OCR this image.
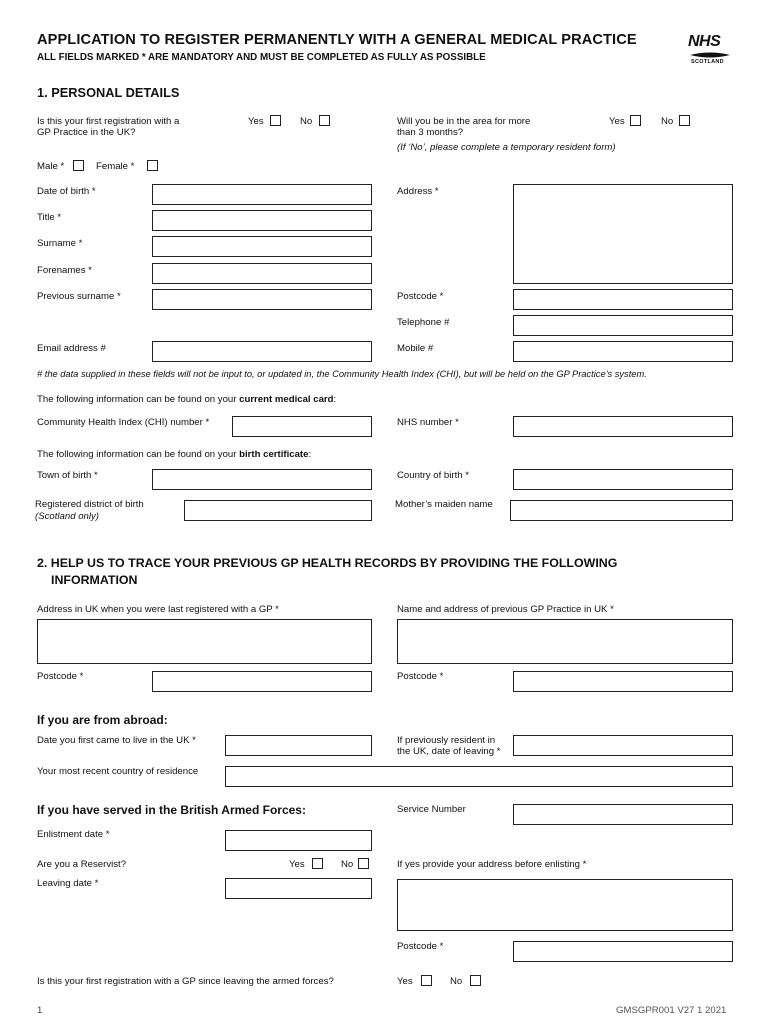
APPLICATION TO REGISTER PERMANENTLY WITH A GENERAL MEDICAL PRACTICE
ALL FIELDS MARKED * ARE MANDATORY AND MUST BE COMPLETED AS FULLY AS POSSIBLE
NHS
SCOTLAND
1. PERSONAL DETAILS
Is this your first registration with a
GP Practice in the UK?
Yes	No	Will you be in the area for more
than 3 months?
(If ‘No’, please complete a temporary resident form)
Yes	No
Male *	Female *
Date of birth *	Address *
Title *
Surname *
Forenames *
Previous surname *	Postcode *
Telephone #
Email address #	Mobile #
# the data supplied in these fields will not be input to, or updated in, the Community Health Index (CHI), but will be held on the GP Practice’s system.
The following information can be found on your current medical card:
Community Health Index (CHI) number *	NHS number *
The following information can be found on your birth certificate:
Town of birth *	Country of birth *
Registered district of birth
(Scotland only)
Mother’s maiden name
2. HELP US TO TRACE YOUR PREVIOUS GP HEALTH RECORDS BY PROVIDING THE FOLLOWING
INFORMATION
Address in UK when you were last registered with a GP *	Name and address of previous GP Practice in UK *
Postcode *	Postcode *
If you are from abroad:
Date you first came to live in the UK *	If previously resident in
the UK, date of leaving *
Your most recent country of residence
If you have served in the British Armed Forces:	Service Number
Enlistment date *
Are you a Reservist?	Yes	No	If yes provide your address before enlisting *
Leaving date *
Postcode *
Is this your first registration with a GP since leaving the armed forces?	Yes	No
1	GMSGPR001 V27 1 2021
